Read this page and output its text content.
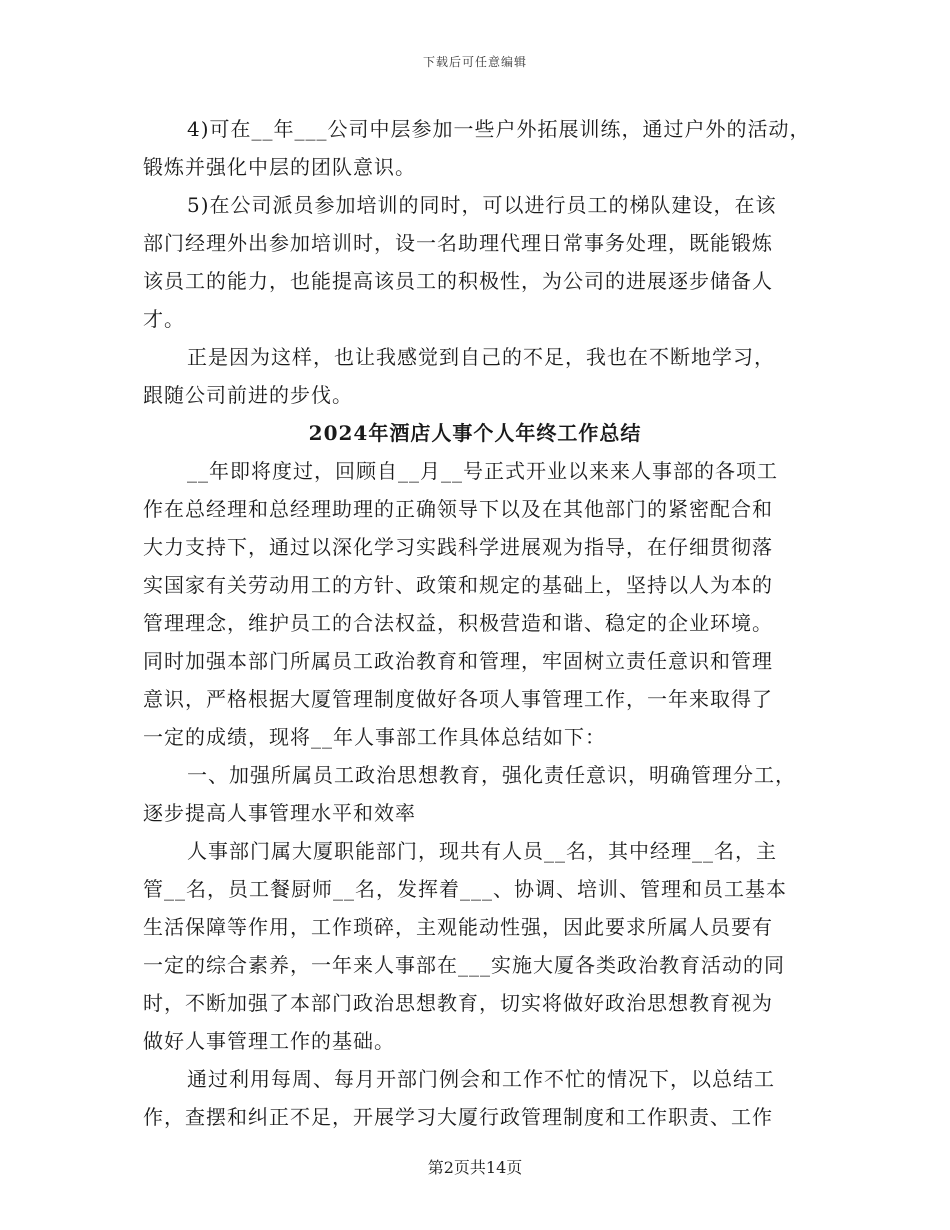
下载后可任意编辑
4)可在__年___公司中层参加一些户外拓展训练，通过户外的活动，
锻炼并强化中层的团队意识。
5)在公司派员参加培训的同时，可以进行员工的梯队建设，在该
部门经理外出参加培训时，设一名助理代理日常事务处理，既能锻炼
该员工的能力，也能提高该员工的积极性，为公司的进展逐步储备人
才。
正是因为这样，也让我感觉到自己的不足，我也在不断地学习，
跟随公司前进的步伐。
2024年酒店人事个人年终工作总结
__年即将度过，回顾自__月__号正式开业以来来人事部的各项工
作在总经理和总经理助理的正确领导下以及在其他部门的紧密配合和
大力支持下，通过以深化学习实践科学进展观为指导，在仔细贯彻落
实国家有关劳动用工的方针、政策和规定的基础上，坚持以人为本的
管理理念，维护员工的合法权益，积极营造和谐、稳定的企业环境。
同时加强本部门所属员工政治教育和管理，牢固树立责任意识和管理
意识，严格根据大厦管理制度做好各项人事管理工作，一年来取得了
一定的成绩，现将__年人事部工作具体总结如下：
一、加强所属员工政治思想教育，强化责任意识，明确管理分工，
逐步提高人事管理水平和效率
人事部门属大厦职能部门，现共有人员__名，其中经理__名，主
管__名，员工餐厨师__名，发挥着___、协调、培训、管理和员工基本
生活保障等作用，工作琐碎，主观能动性强，因此要求所属人员要有
一定的综合素养，一年来人事部在___实施大厦各类政治教育活动的同
时，不断加强了本部门政治思想教育，切实将做好政治思想教育视为
做好人事管理工作的基础。
通过利用每周、每月开部门例会和工作不忙的情况下，以总结工
作，查摆和纠正不足，开展学习大厦行政管理制度和工作职责、工作
第2页共14页
